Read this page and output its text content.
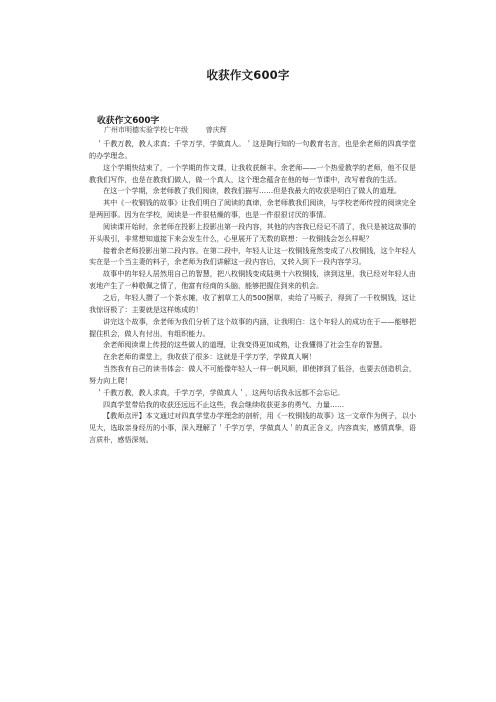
收获作文600字
收获作文600字
广州市明德实验学校七年级        曾庆辉

＇千教万教，教人求真；千学万学，学做真人。＇这是陶行知的一句教育名言，也是余老师的四真学堂的办学理念。

这个学期快结束了，一个学期的作文课，让我收获颇丰。余老师——一个热爱教学的老师，他不仅是教我们写作，也是在教我们做人，做一个真人，这个理念蕴含在他的每一节课中，改写着我的生活。

在这一个学期，余老师教了我们阅读，教我们描写……但是我最大的收获是明白了做人的道理。

其中《一枚铜钱的故事》让我们明白了阅读的真谛，余老师教我们阅读，与学校老师传授的阅读完全是两回事。因为在学校，阅读是一件很枯燥的事，也是一件很很讨厌的事情。

阅读课开始时，余老师在投影上投影出第一段内容，其他的内容我已经记不清了，我只是被这故事的开头吸引，非常想知道接下来会发生什么，心里展开了无数的联想：一枚铜钱会怎么样呢？

接着余老师投影出第二段内容。在第二段中，年轻人让这一枚铜钱竟然变成了八枚铜钱，这个年轻人实在是一个当主妻的料子，余老师为我们讲解这一段内容后，又转入到下一段内容学习。

故事中的年轻人居然用自己的智慧，把八枚铜钱变成陆奥十六枚铜钱，读到这里，我已经对年轻人由衷地产生了一种敬佩之情了，他富有经商的头脑，能够把握住到来的机会。

之后，年轻人攒了一个茶水摊，收了割草工人的500捆草，卖给了马贩子，得到了一千枚铜钱，这让我惊讶极了：主要就是这样炼成的！

讲完这个故事，余老师为我们分析了这个故事的内涵，让我明白：这个年轻人的成功在于——能够把握住机会，做人有付出，有组织能力。

余老师阅读课上传授的这些做人的道理，让我变得更加成熟，让我懂得了社会生存的智慧。

在余老师的课堂上，我收获了很多：这就是千学万学，学做真人啊！

当然我有自己的读书体会：做人不可能像年轻人一样一帆风顺，即使摔到了低谷，也要去创造机会，努力向上爬！

＇千教万教，教人求真，千学万学，学做真人＇，这两句话我永远都不会忘记。

四真学堂带给我的收获还远远不止这些，我会继续收获更多的勇气、力量……

【教师点评】本文通过对四真学堂办学理念的剖析，用《一枚铜钱的故事》这一文章作为例子，以小见大，选取亲身经历的小事，深入理解了＇千学万学，学做真人＇的真正含义，内容真实，感情真挚，语言质朴，感悟深刻。
